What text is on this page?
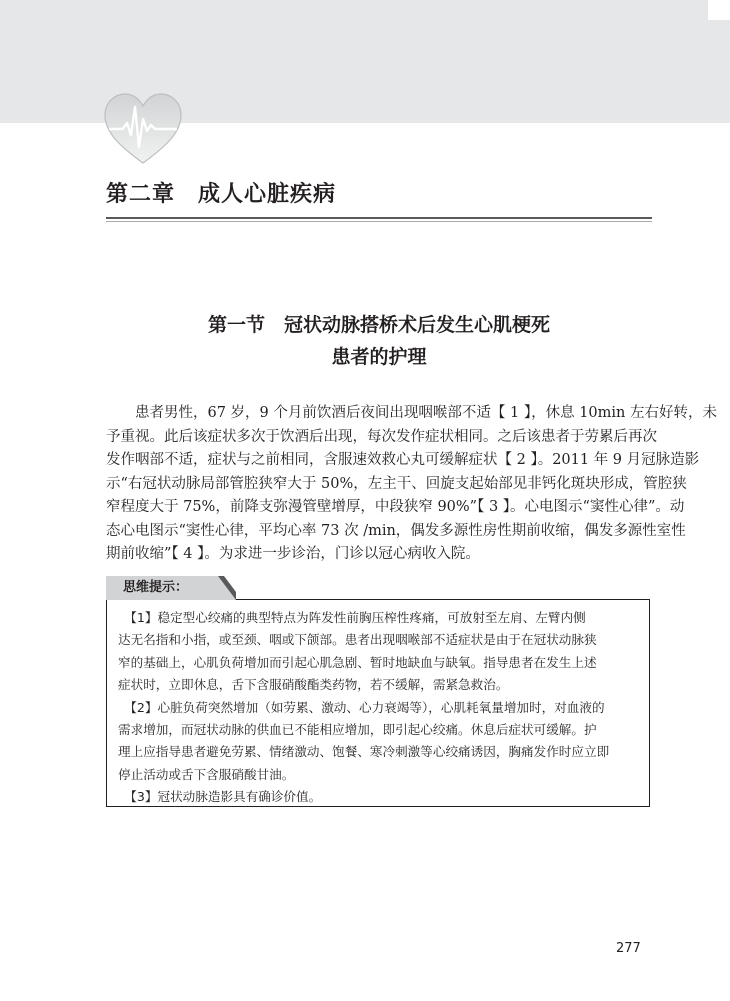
第二章　成人心脏疾病
第一节　冠状动脉搭桥术后发生心肌梗死
患者的护理
　　患者男性，67 岁，9 个月前饮酒后夜间出现咽喉部不适【 1 】，休息 10min 左右好转，未
予重视。此后该症状多次于饮酒后出现，每次发作症状相同。之后该患者于劳累后再次
发作咽部不适，症状与之前相同，含服速效救心丸可缓解症状【 2 】。2011 年 9 月冠脉造影
示“右冠状动脉局部管腔狭窄大于 50%，左主干、回旋支起始部见非钙化斑块形成，管腔狭
窄程度大于 75%，前降支弥漫管壁增厚，中段狭窄 90%”【 3 】。心电图示“窦性心律”。动
态心电图示“窦性心律，平均心率 73 次 /min，偶发多源性房性期前收缩，偶发多源性室性
期前收缩”【 4 】。为求进一步诊治，门诊以冠心病收入院。
思维提示：
　【1】稳定型心绞痛的典型特点为阵发性前胸压榨性疼痛，可放射至左肩、左臂内侧
达无名指和小指，或至颈、咽或下颌部。患者出现咽喉部不适症状是由于在冠状动脉狭
窄的基础上，心肌负荷增加而引起心肌急剧、暂时地缺血与缺氧。指导患者在发生上述
症状时，立即休息，舌下含服硝酸酯类药物，若不缓解，需紧急救治。
　【2】心脏负荷突然增加（如劳累、激动、心力衰竭等），心肌耗氧量增加时，对血液的
需求增加，而冠状动脉的供血已不能相应增加，即引起心绞痛。休息后症状可缓解。护
理上应指导患者避免劳累、情绪激动、饱餐、寒冷刺激等心绞痛诱因，胸痛发作时应立即
停止活动或舌下含服硝酸甘油。
　【3】冠状动脉造影具有确诊价值。
277
